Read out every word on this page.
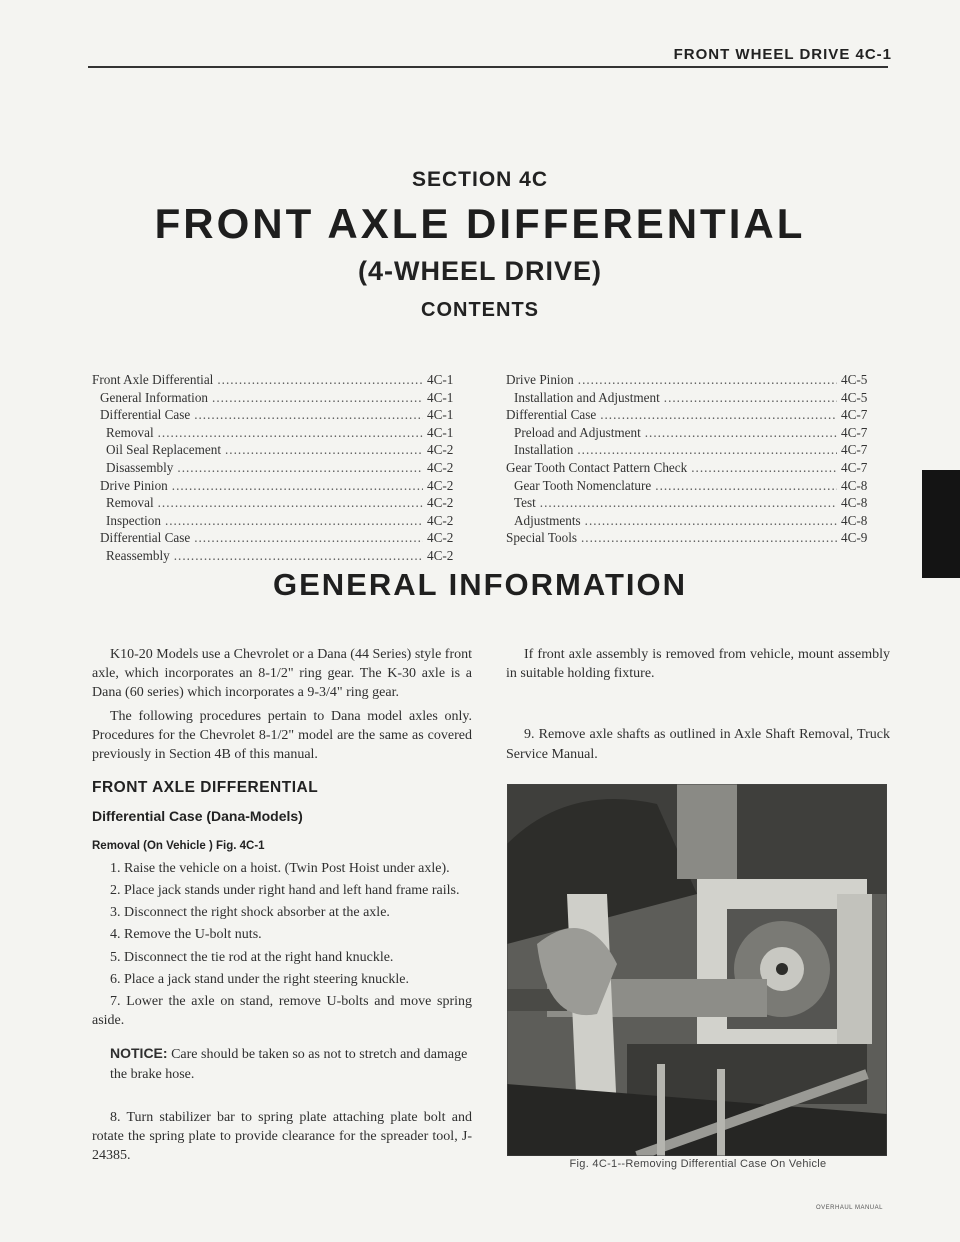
FRONT WHEEL DRIVE 4C-1
SECTION 4C
FRONT AXLE DIFFERENTIAL
(4-WHEEL DRIVE)
CONTENTS
Front Axle Differential .....	4C-1
General Information .....	4C-1
Differential Case .....	4C-1
Removal .....	4C-1
Oil Seal Replacement .....	4C-2
Disassembly .....	4C-2
Drive Pinion .....	4C-2
Removal .....	4C-2
Inspection .....	4C-2
Differential Case .....	4C-2
Reassembly .....	4C-2
Drive Pinion .....	4C-5
Installation and Adjustment .....	4C-5
Differential Case .....	4C-7
Preload and Adjustment .....	4C-7
Installation .....	4C-7
Gear Tooth Contact Pattern Check .....	4C-7
Gear Tooth Nomenclature .....	4C-8
Test .....	4C-8
Adjustments .....	4C-8
Special Tools .....	4C-9
GENERAL INFORMATION

K10-20 Models use a Chevrolet or a Dana (44 Series) style front axle, which incorporates an 8-1/2" ring gear. The K-30 axle is a Dana (60 series) which incorporates a 9-3/4" ring gear.

The following procedures pertain to Dana model axles only. Procedures for the Chevrolet 8-1/2" model are the same as covered previously in Section 4B of this manual.

FRONT AXLE DIFFERENTIAL
Differential Case (Dana-Models)
Removal (On Vehicle ) Fig. 4C-1

1. Raise the vehicle on a hoist. (Twin Post Hoist under axle).

2. Place jack stands under right hand and left hand frame rails.

3. Disconnect the right shock absorber at the axle.

4. Remove the U-bolt nuts.

5. Disconnect the tie rod at the right hand knuckle.

6. Place a jack stand under the right steering knuckle.

7. Lower the axle on stand, remove U-bolts and move spring aside.

NOTICE: Care should be taken so as not to stretch and damage the brake hose.

8. Turn stabilizer bar to spring plate attaching plate bolt and rotate the spring plate to provide clearance for the spreader tool, J-24385.

If front axle assembly is removed from vehicle, mount assembly in suitable holding fixture.

9. Remove axle shafts as outlined in Axle Shaft Removal, Truck Service Manual.

Fig. 4C-1--Removing Differential Case On Vehicle
OVERHAUL MANUAL
